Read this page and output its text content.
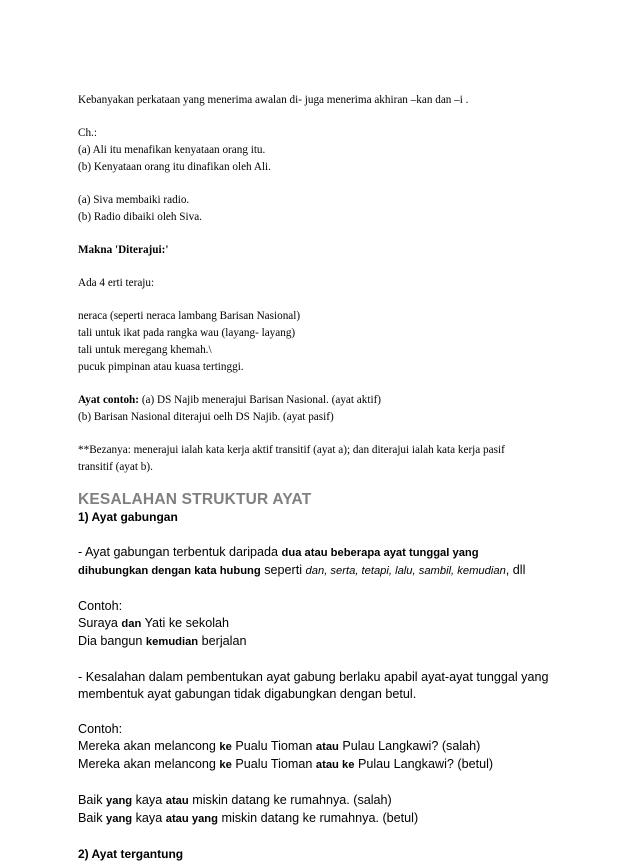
Kebanyakan perkataan yang menerima awalan di- juga menerima akhiran –kan dan –i .

Ch.:

(a) Ali itu menafikan kenyataan orang itu.

(b) Kenyataan orang itu dinafikan oleh Ali.

(a) Siva membaiki radio.

(b) Radio dibaiki oleh Siva.

Makna 'Diterajui:'

Ada 4 erti teraju:

neraca (seperti neraca lambang Barisan Nasional)

tali untuk ikat pada rangka wau (layang- layang)

tali untuk meregang khemah.\

pucuk pimpinan atau kuasa tertinggi.

Ayat contoh: (a) DS Najib menerajui Barisan Nasional. (ayat aktif)

(b) Barisan Nasional diterajui oelh DS Najib. (ayat pasif)

**Bezanya: menerajui ialah kata kerja aktif transitif (ayat a); dan diterajui ialah kata kerja pasif

transitif (ayat b).

KESALAHAN STRUKTUR AYAT

1) Ayat gabungan

- Ayat gabungan terbentuk daripada dua atau beberapa ayat tunggal yang

dihubungkan dengan kata hubung seperti dan, serta, tetapi, lalu, sambil, kemudian, dll

Contoh:

Suraya dan Yati ke sekolah

Dia bangun kemudian berjalan

- Kesalahan dalam pembentukan ayat gabung berlaku apabil ayat-ayat tunggal yang

membentuk ayat gabungan tidak digabungkan dengan betul.

Contoh:

Mereka akan melancong ke Pualu Tioman atau Pulau Langkawi? (salah)

Mereka akan melancong ke Pualu Tioman atau ke Pulau Langkawi? (betul)

Baik yang kaya atau miskin datang ke rumahnya. (salah)

Baik yang kaya atau yang miskin datang ke rumahnya. (betul)

2) Ayat tergantung
